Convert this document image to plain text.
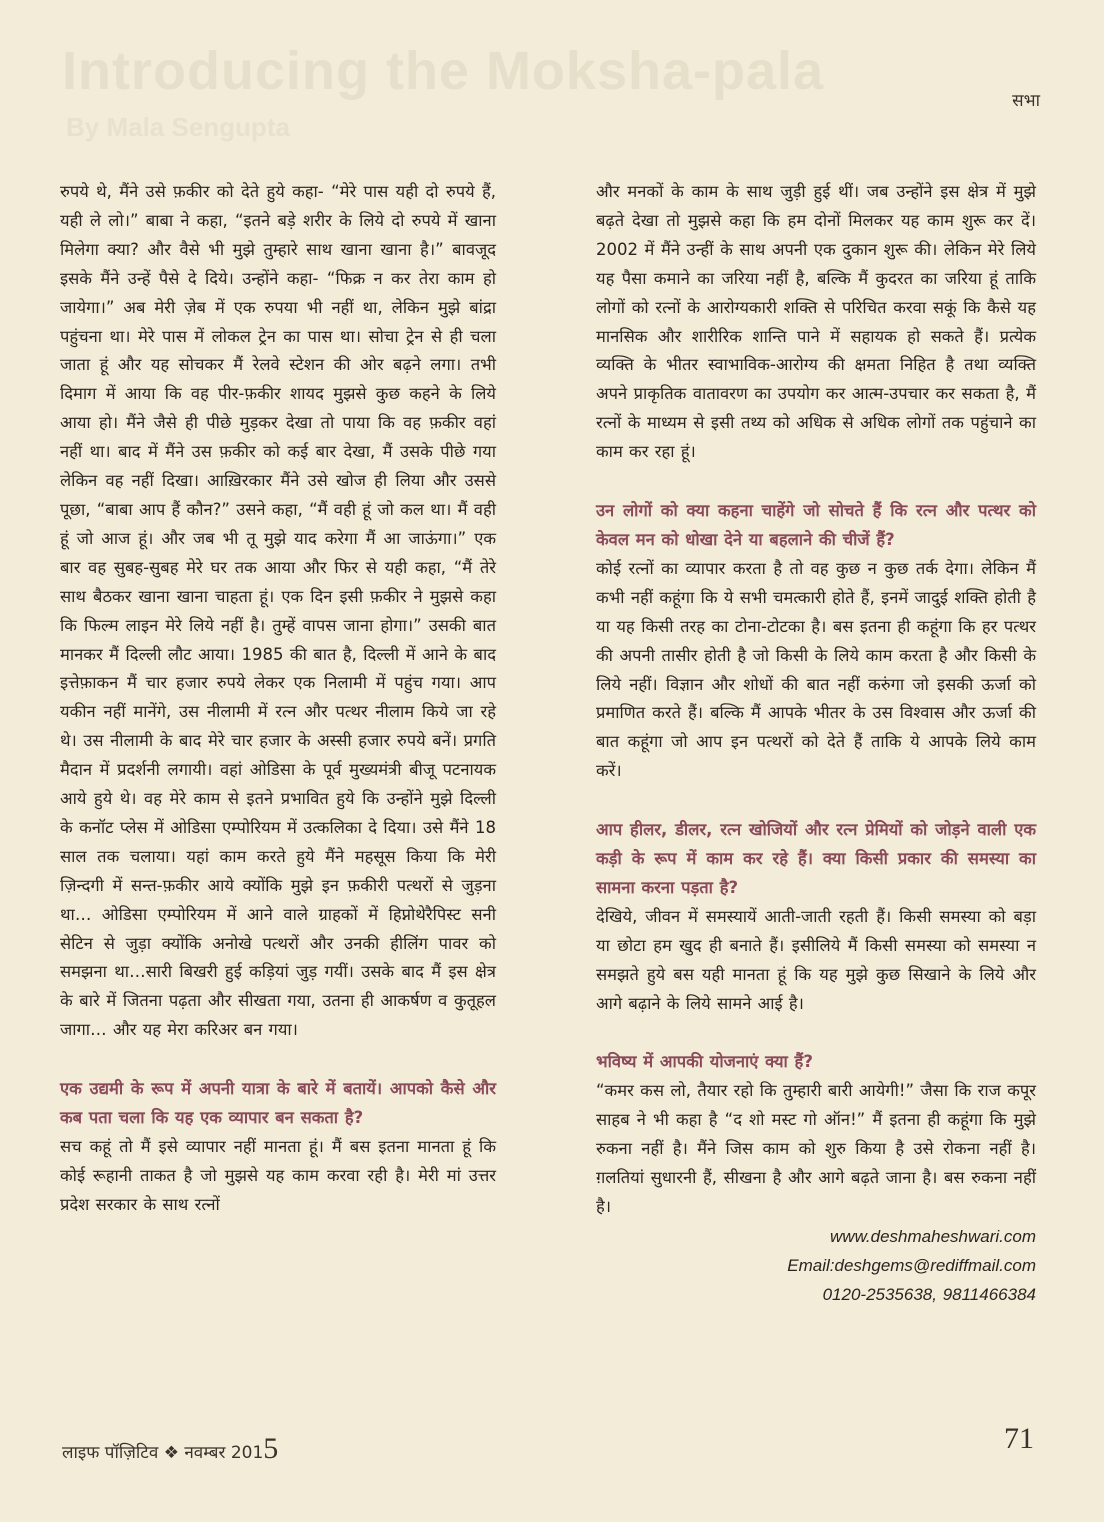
Introducing the Moksha-pala
By Mala Sengupta
सभा

रुपये थे, मैंने उसे फ़कीर को देते हुये कहा- “मेरे पास यही दो रुपये हैं, यही ले लो।” बाबा ने कहा, “इतने बड़े शरीर के लिये दो रुपये में खाना मिलेगा क्या? और वैसे भी मुझे तुम्हारे साथ खाना खाना है।” बावजूद इसके मैंने उन्हें पैसे दे दिये। उन्होंने कहा- “फिक्र न कर तेरा काम हो जायेगा।” अब मेरी ज़ेब में एक रुपया भी नहीं था, लेकिन मुझे बांद्रा पहुंचना था। मेरे पास में लोकल ट्रेन का पास था। सोचा ट्रेन से ही चला जाता हूं और यह सोचकर मैं रेलवे स्टेशन की ओर बढ़ने लगा। तभी दिमाग में आया कि वह पीर-फ़कीर शायद मुझसे कुछ कहने के लिये आया हो। मैंने जैसे ही पीछे मुड़कर देखा तो पाया कि वह फ़कीर वहां नहीं था। बाद में मैंने उस फ़कीर को कई बार देखा, मैं उसके पीछे गया लेकिन वह नहीं दिखा। आख़िरकार मैंने उसे खोज ही लिया और उससे पूछा, “बाबा आप हैं कौन?” उसने कहा, “मैं वही हूं जो कल था। मैं वही हूं जो आज हूं। और जब भी तू मुझे याद करेगा मैं आ जाऊंगा।” एक बार वह सुबह-सुबह मेरे घर तक आया और फिर से यही कहा, “मैं तेरे साथ बैठकर खाना खाना चाहता हूं। एक दिन इसी फ़कीर ने मुझसे कहा कि फिल्म लाइन मेरे लिये नहीं है। तुम्हें वापस जाना होगा।” उसकी बात मानकर मैं दिल्ली लौट आया। 1985 की बात है, दिल्ली में आने के बाद इत्तेफ़ाकन मैं चार हजार रुपये लेकर एक निलामी में पहुंच गया। आप यकीन नहीं मानेंगे, उस नीलामी में रत्न और पत्थर नीलाम किये जा रहे थे। उस नीलामी के बाद मेरे चार हजार के अस्सी हजार रुपये बनें। प्रगति मैदान में प्रदर्शनी लगायी। वहां ओडिसा के पूर्व मुख्यमंत्री बीजू पटनायक आये हुये थे। वह मेरे काम से इतने प्रभावित हुये कि उन्होंने मुझे दिल्ली के कनॉट प्लेस में ओडिसा एम्पोरियम में उत्कलिका दे दिया। उसे मैंने 18 साल तक चलाया। यहां काम करते हुये मैंने महसूस किया कि मेरी ज़िन्दगी में सन्त-फ़कीर आये क्योंकि मुझे इन फ़कीरी पत्थरों से जुड़ना था… ओडिसा एम्पोरियम में आने वाले ग्राहकों में हिप्नोथेरैपिस्ट सनी सेटिन से जुड़ा क्योंकि अनोखे पत्थरों और उनकी हीलिंग पावर को समझना था…सारी बिखरी हुई कड़ियां जुड़ गयीं। उसके बाद मैं इस क्षेत्र के बारे में जितना पढ़ता और सीखता गया, उतना ही आकर्षण व कुतूहल जागा… और यह मेरा करिअर बन गया।

एक उद्यमी के रूप में अपनी यात्रा के बारे में बतायें। आपको कैसे और कब पता चला कि यह एक व्यापार बन सकता है?

सच कहूं तो मैं इसे व्यापार नहीं मानता हूं। मैं बस इतना मानता हूं कि कोई रूहानी ताकत है जो मुझसे यह काम करवा रही है। मेरी मां उत्तर प्रदेश सरकार के साथ रत्नों

और मनकों के काम के साथ जुड़ी हुई थीं। जब उन्होंने इस क्षेत्र में मुझे बढ़ते देखा तो मुझसे कहा कि हम दोनों मिलकर यह काम शुरू कर दें। 2002 में मैंने उन्हीं के साथ अपनी एक दुकान शुरू की। लेकिन मेरे लिये यह पैसा कमाने का जरिया नहीं है, बल्कि मैं कुदरत का जरिया हूं ताकि लोगों को रत्नों के आरोग्यकारी शक्ति से परिचित करवा सकूं कि कैसे यह मानसिक और शारीरिक शान्ति पाने में सहायक हो सकते हैं। प्रत्येक व्यक्ति के भीतर स्वाभाविक-आरोग्य की क्षमता निहित है तथा व्यक्ति अपने प्राकृतिक वातावरण का उपयोग कर आत्म-उपचार कर सकता है, मैं रत्नों के माध्यम से इसी तथ्य को अधिक से अधिक लोगों तक पहुंचाने का काम कर रहा हूं।

उन लोगों को क्या कहना चाहेंगे जो सोचते हैं कि रत्न और पत्थर को केवल मन को धोखा देने या बहलाने की चीजें हैं?

कोई रत्नों का व्यापार करता है तो वह कुछ न कुछ तर्क देगा। लेकिन मैं कभी नहीं कहूंगा कि ये सभी चमत्कारी होते हैं, इनमें जादुई शक्ति होती है या यह किसी तरह का टोना-टोटका है। बस इतना ही कहूंगा कि हर पत्थर की अपनी तासीर होती है जो किसी के लिये काम करता है और किसी के लिये नहीं। विज्ञान और शोधों की बात नहीं करुंगा जो इसकी ऊर्जा को प्रमाणित करते हैं। बल्कि मैं आपके भीतर के उस विश्वास और ऊर्जा की बात कहूंगा जो आप इन पत्थरों को देते हैं ताकि ये आपके लिये काम करें।

आप हीलर, डीलर, रत्न खोजियों और रत्न प्रेमियों को जोड़ने वाली एक कड़ी के रूप में काम कर रहे हैं। क्या किसी प्रकार की समस्या का सामना करना पड़ता है?

देखिये, जीवन में समस्यायें आती-जाती रहती हैं। किसी समस्या को बड़ा या छोटा हम खुद ही बनाते हैं। इसीलिये मैं किसी समस्या को समस्या न समझते हुये बस यही मानता हूं कि यह मुझे कुछ सिखाने के लिये और आगे बढ़ाने के लिये सामने आई है।

भविष्य में आपकी योजनाएं क्या हैं?

“कमर कस लो, तैयार रहो कि तुम्हारी बारी आयेगी!” जैसा कि राज कपूर साहब ने भी कहा है “द शो मस्ट गो ऑन!” मैं इतना ही कहूंगा कि मुझे रुकना नहीं है। मैंने जिस काम को शुरु किया है उसे रोकना नहीं है। ग़लतियां सुधारनी हैं, सीखना है और आगे बढ़ते जाना है। बस रुकना नहीं है।

www.deshmaheshwari.com
Email:deshgems@rediffmail.com
0120-2535638, 9811466384
लाइफ पॉज़िटिव ❖ नवम्बर 2015	71
